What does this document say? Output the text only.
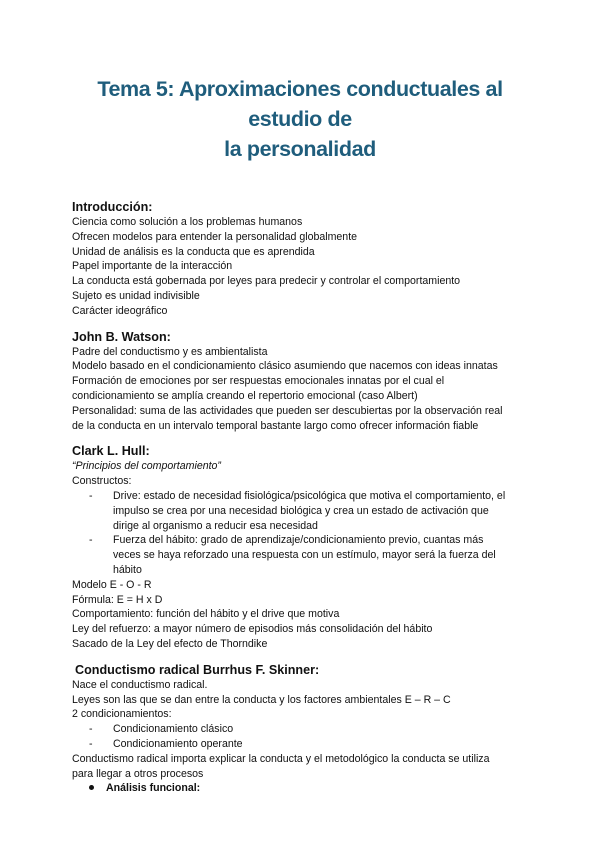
Tema 5: Aproximaciones conductuales al estudio de
la personalidad

Introducción:

Ciencia como solución a los problemas humanos

Ofrecen modelos para entender la personalidad globalmente

Unidad de análisis es la conducta que es aprendida

Papel importante de la interacción

La conducta está gobernada por leyes para predecir y controlar el comportamiento

Sujeto es unidad indivisible

Carácter ideográfico

John B. Watson:

Padre del conductismo y es ambientalista

Modelo basado en el condicionamiento clásico asumiendo que nacemos con ideas innatas

Formación de emociones por ser respuestas emocionales innatas por el cual el

condicionamiento se amplía creando el repertorio emocional (caso Albert)

Personalidad: suma de las actividades que pueden ser descubiertas por la observación real

de la conducta en un intervalo temporal bastante largo como ofrecer información fiable

Clark L. Hull:

“Principios del comportamiento”

Constructos:

- Drive: estado de necesidad fisiológica/psicológica que motiva el comportamiento, el
impulso se crea por una necesidad biológica y crea un estado de activación que
dirige al organismo a reducir esa necesidad
- Fuerza del hábito: grado de aprendizaje/condicionamiento previo, cuantas más
veces se haya reforzado una respuesta con un estímulo, mayor será la fuerza del
hábito

Modelo E - O - R

Fórmula: E = H x D

Comportamiento: función del hábito y el drive que motiva

Ley del refuerzo: a mayor número de episodios más consolidación del hábito

Sacado de la Ley del efecto de Thorndike

Conductismo radical Burrhus F. Skinner:

Nace el conductismo radical.

Leyes son las que se dan entre la conducta y los factores ambientales E – R – C

2 condicionamientos:

- Condicionamiento clásico
- Condicionamiento operante

Conductismo radical importa explicar la conducta y el metodológico la conducta se utiliza

para llegar a otros procesos

Análisis funcional:
